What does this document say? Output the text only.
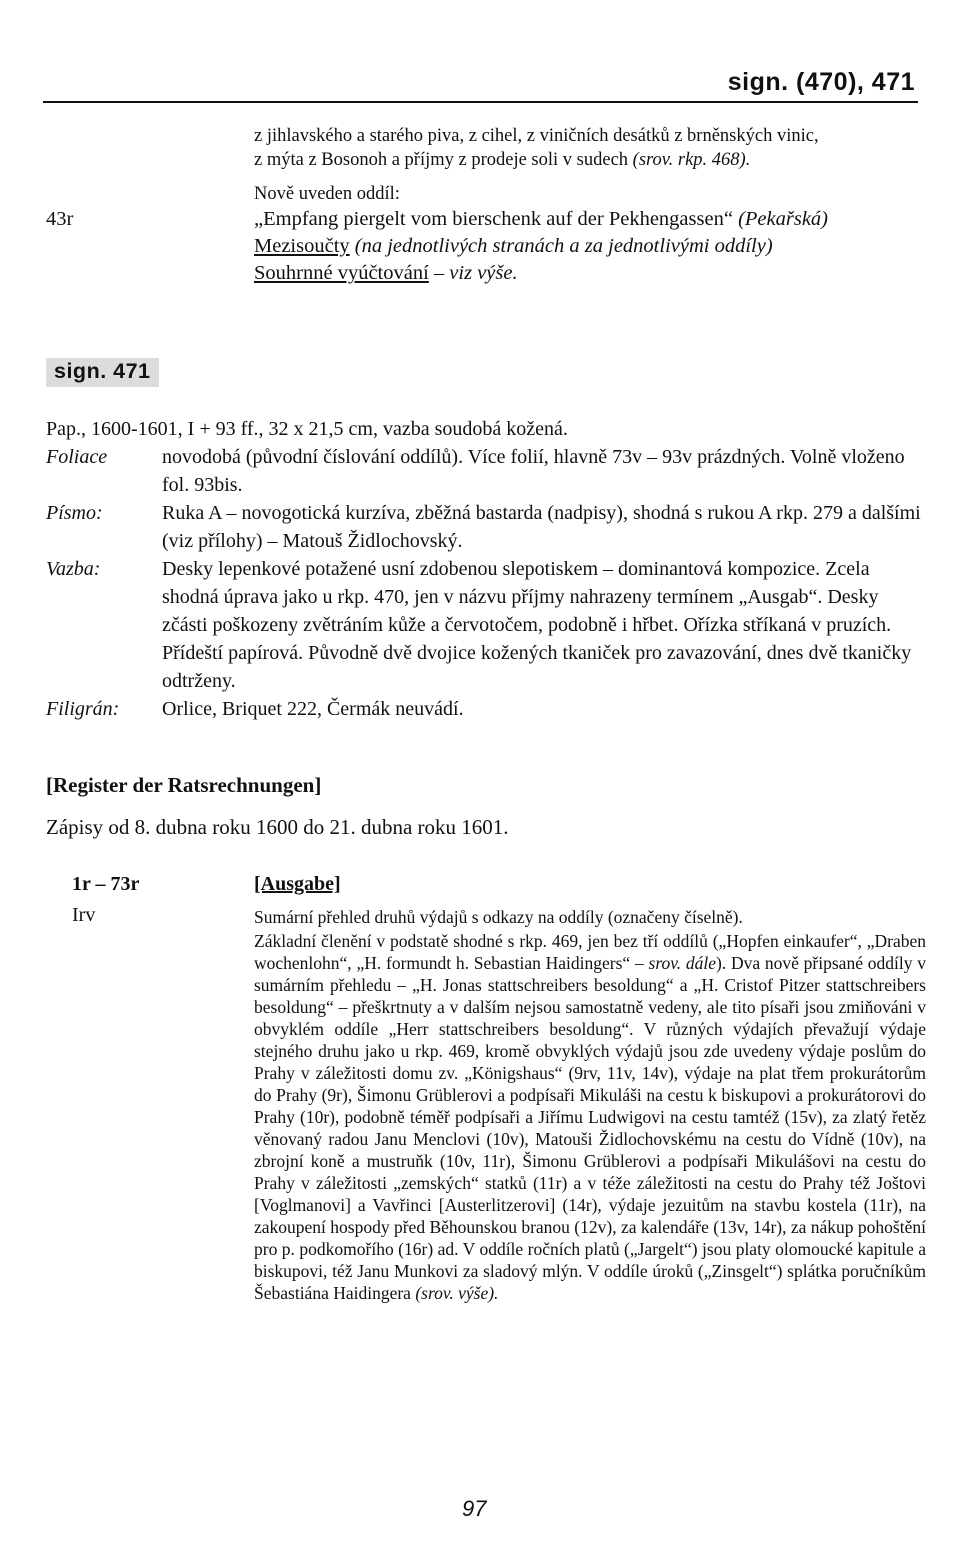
sign. (470), 471
z jihlavského a starého piva, z cihel, z viničních desátků z brněnských vinic,
z mýta z Bosonoh a příjmy z prodeje soli v sudech (srov. rkp. 468).
Nově uveden oddíl:
„Empfang piergelt vom bierschenk auf der Pekhengassen“ (Pekařská)
Mezisoučty (na jednotlivých stranách a za jednotlivými oddíly)
Souhrnné vyúčtování – viz výše.
43r
sign. 471
Pap., 1600-1601, I + 93 ff., 32 x 21,5 cm, vazba soudobá kožená.
Foliace	novodobá (původní číslování oddílů). Více folií, hlavně 73v – 93v prázdných. Volně vloženo fol. 93bis.
Písmo:	Ruka A – novogotická kurzíva, zběžná bastarda (nadpisy), shodná s rukou A rkp. 279 a dalšími (viz přílohy) – Matouš Židlochovský.
Vazba:	Desky lepenkové potažené usní zdobenou slepotiskem – dominantová kompozice. Zcela shodná úprava jako u rkp. 470, jen v názvu příjmy nahrazeny termínem „Ausgab“. Desky zčásti poškozeny zvětráním kůže a červotočem, podobně i hřbet. Ořízka stříkaná v pruzích. Přídeští papírová. Původně dvě dvojice kožených tkaniček pro zavazování, dnes dvě tkaničky odtrženy.
Filigrán:	Orlice, Briquet 222, Čermák neuvádí.
[Register der Ratsrechnungen]
Zápisy od 8. dubna roku 1600 do 21. dubna roku 1601.
1r – 73r
Irv
[Ausgabe]
Sumární přehled druhů výdajů s odkazy na oddíly (označeny číselně).
Základní členění v podstatě shodné s rkp. 469, jen bez tří oddílů („Hopfen einkaufer“, „Draben wochenlohn“, „H. formundt h. Sebastian Haidingers“ – srov. dále). Dva nově připsané oddíly v sumárním přehledu – „H. Jonas stattschreibers besoldung“ a „H. Cristof Pitzer stattschreibers besoldung“ – přeškrtnuty a v dalším nejsou samostatně vedeny, ale tito písaři jsou zmiňováni v obvyklém oddíle „Herr stattschreibers besoldung“. V různých výdajích převažují výdaje stejného druhu jako u rkp. 469, kromě obvyklých výdajů jsou zde uvedeny výdaje poslům do Prahy v záležitosti domu zv. „Königshaus“ (9rv, 11v, 14v), výdaje na plat třem prokurátorům do Prahy (9r), Šimonu Grüblerovi a podpísaři Mikuláši na cestu k biskupovi a prokurátorovi do Prahy (10r), podobně téměř podpísaři a Jiřímu Ludwigovi na cestu tamtéž (15v), za zlatý řetěz věnovaný radou Janu Menclovi (10v), Matouši Židlochovskému na cestu do Vídně (10v), na zbrojní koně a mustruňk (10v, 11r), Šimonu Grüblerovi a podpísaři Mikulášovi na cestu do Prahy v záležitosti „zemských“ statků (11r) a v téže záležitosti na cestu do Prahy též Joštovi [Voglmanovi] a Vavřinci [Austerlitzerovi] (14r), výdaje jezuitům na stavbu kostela (11r), na zakoupení hospody před Běhounskou branou (12v), za kalendáře (13v, 14r), za nákup pohoštění pro p. podkomořího (16r) ad. V oddíle ročních platů („Jargelt“) jsou platy olomoucké kapitule a biskupovi, též Janu Munkovi za sladový mlýn. V oddíle úroků („Zinsgelt“) splátka poručníkům Šebastiána Haidingera (srov. výše).
97
